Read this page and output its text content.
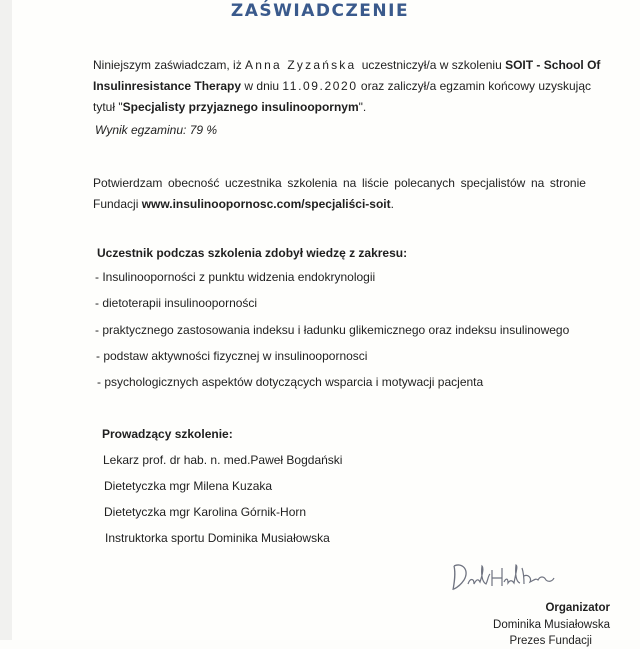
ZAŚWIADCZENIE
Niniejszym zaświadczam, iż Anna Zyzańska uczestniczył/a w szkoleniu SOIT - School Of
Insulinresistance Therapy w dniu 11.09.2020 oraz zaliczył/a egzamin końcowy uzyskując
tytuł "Specjalisty przyjaznego insulinoopornym".
Wynik egzaminu: 79 %
Potwierdzam obecność uczestnika szkolenia na liście polecanych specjalistów na stronie
Fundacji www.insulinoopornosc.com/specjaliści-soit.
Uczestnik podczas szkolenia zdobył wiedzę z zakresu:
- Insulinooporności z punktu widzenia endokrynologii
- dietoterapii insulinooporności
- praktycznego zastosowania indeksu i ładunku glikemicznego oraz indeksu insulinowego
- podstaw aktywności fizycznej w insulinoopornosci
- psychologicznych aspektów dotyczących wsparcia i motywacji pacjenta
Prowadzący szkolenie:
Lekarz prof. dr hab. n. med.Paweł Bogdański
Dietetyczka mgr Milena Kuzaka
Dietetyczka mgr Karolina Górnik-Horn
Instruktorka sportu Dominika Musiałowska
Organizator
Dominika Musiałowska
Prezes Fundacji
